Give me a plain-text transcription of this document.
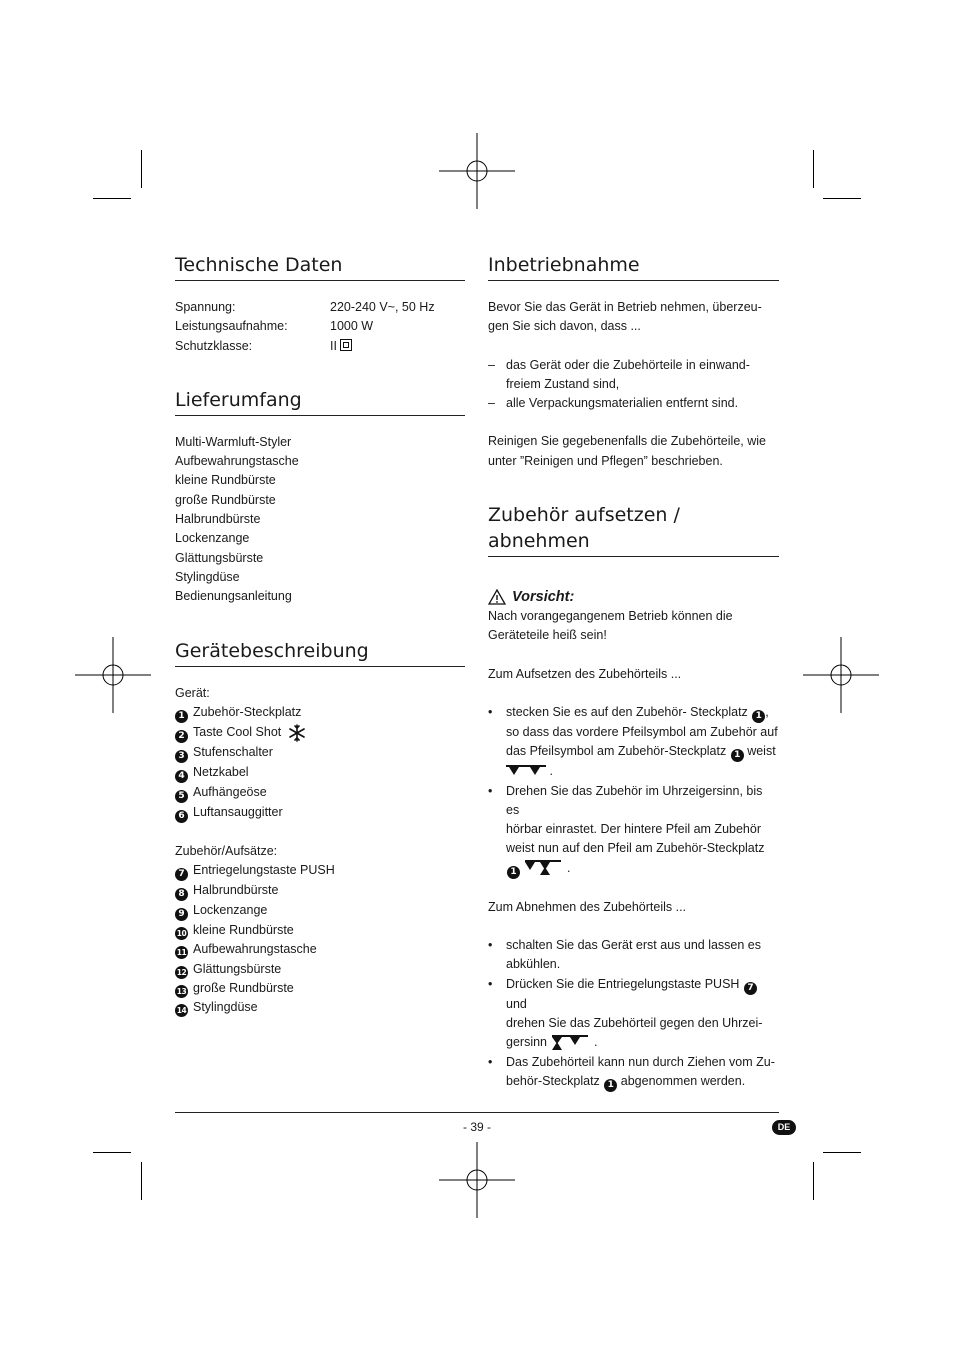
Technische Daten
Spannung:	220-240 V~, 50 Hz
Leistungsaufnahme:	1000 W
Schutzklasse:	II
Lieferumfang
Multi-Warmluft-Styler
Aufbewahrungstasche
kleine Rundbürste
große Rundbürste
Halbrundbürste
Lockenzange
Glättungsbürste
Stylingdüse
Bedienungsanleitung
Gerätebeschreibung
Gerät:
1 Zubehör-Steckplatz
2 Taste Cool Shot
3 Stufenschalter
4 Netzkabel
5 Aufhängeöse
6 Luftansauggitter
Zubehör/Aufsätze:
7 Entriegelungstaste PUSH
8 Halbrundbürste
9 Lockenzange
10 kleine Rundbürste
11 Aufbewahrungstasche
12 Glättungsbürste
13 große Rundbürste
14 Stylingdüse
Inbetriebnahme
Bevor Sie das Gerät in Betrieb nehmen, überzeu-
gen Sie sich davon, dass ...
– das Gerät oder die Zubehörteile in einwand-
freiem Zustand sind,
– alle Verpackungsmaterialien entfernt sind.
Reinigen Sie gegebenenfalls die Zubehörteile, wie
unter ”Reinigen und Pflegen” beschrieben.
Zubehör aufsetzen / abnehmen
Vorsicht:
Nach vorangegangenem Betrieb können die
Geräteteile heiß sein!
Zum Aufsetzen des Zubehörteils ...
• stecken Sie es auf den Zubehör- Steckplatz 1 ,
so dass das vordere Pfeilsymbol am Zubehör auf
das Pfeilsymbol am Zubehör-Steckplatz 1 weist
.
• Drehen Sie das Zubehör im Uhrzeigersinn, bis es
hörbar einrastet. Der hintere Pfeil am Zubehör
weist nun auf den Pfeil am Zubehör-Steckplatz
1	.
Zum Abnehmen des Zubehörteils ...
• schalten Sie das Gerät erst aus und lassen es
abkühlen.
• Drücken Sie die Entriegelungstaste PUSH 7 und
drehen Sie das Zubehörteil gegen den Uhrzei-
gersinn	.
• Das Zubehörteil kann nun durch Ziehen vom Zu-
behör-Steckplatz 1 abgenommen werden.
- 39 -	DE
